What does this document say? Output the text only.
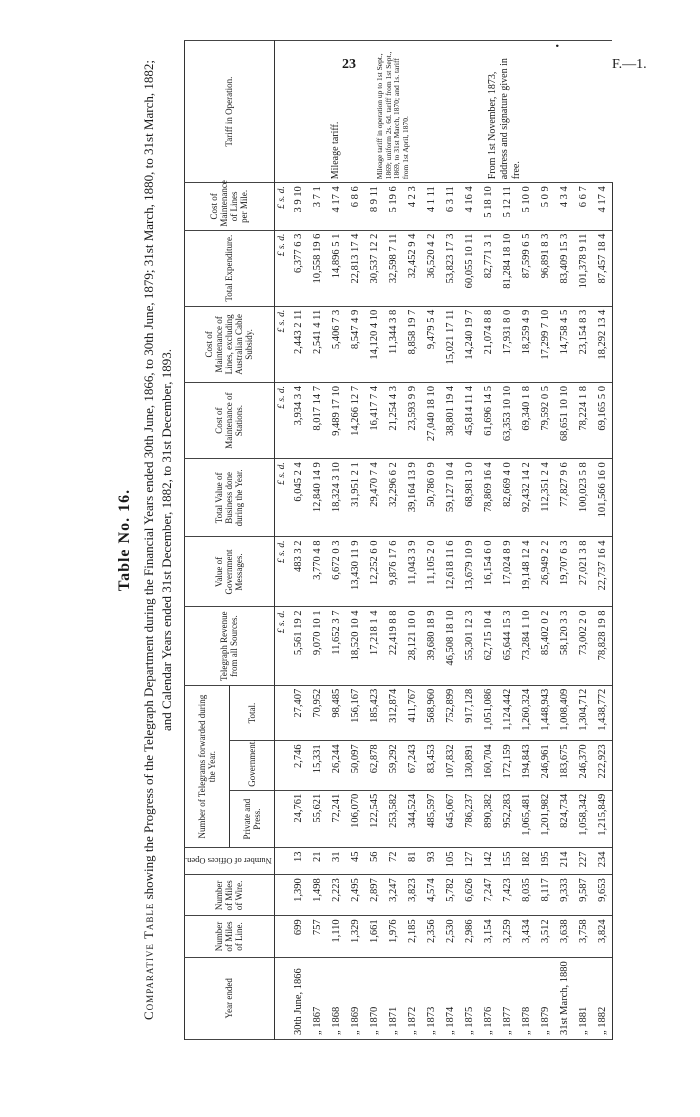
23	F.—1.
Table No. 16.
Comparative Table showing the Progress of the Telegraph Department during the Financial Years ended 30th June, 1866, to 30th June, 1879; 31st March, 1880, to 31st March, 1882; and Calendar Years ended 31st December, 1882, to 31st December, 1893.
Year ended	Number of Miles of Line.	Number of Miles of Wire.	Number of Offices Open.	Number of Telegrams forwarded during the Year.			Telegraph Revenue from all Sources.	Value of Government Messages.	Total Value of Business done during the Year.	Cost of Maintenance of Stations.	Cost of Maintenance of Lines, excluding Australian Cable Subsidy.	Total Expenditure.	Cost of Maintenance of Lines per Mile.	Tariff in Operation.
				Private and Press.	Government.	Total.								
							£ s. d.	£ s. d.	£ s. d.	£ s. d.	£ s. d.	£ s. d.	£ s. d.	
30th June, 1866	699	1,390	13	24,761	2,746	27,407	5,561 19 2	483 3 2	6,045 2 4	3,934 3 4	2,443 2 11	6,377 6 3	3 9 10	
„ 1867	757	1,498	21	55,621	15,331	70,952	9,070 10 1	3,770 4 8	12,840 14 9	8,017 14 7	2,541 4 11	10,558 19 6	3 7 1	Mileage tariff.
„ 1868	1,110	2,223	31	72,241	26,244	98,485	11,652 3 7	6,672 0 3	18,324 3 10	9,489 17 10	5,406 7 3	14,896 5 1	4 17 4	
„ 1869	1,329	2,495	45	106,070	50,097	156,167	18,520 10 4	13,430 11 9	31,951 2 1	14,266 12 7	8,547 4 9	22,813 17 4	6 8 6	
„ 1870	1,661	2,897	56	122,545	62,878	185,423	17,218 1 4	12,252 6 0	29,470 7 4	16,417 7 4	14,120 4 10	30,537 12 2	8 9 11	Mileage tariff in operation up to 1st Sept., 1869; uniform 2s. 6d. tariff from 1st Sept., 1869, to 31st March, 1870; and 1s. tariff from 1st April, 1870.
„ 1871	1,976	3,247	72	253,582	59,292	312,874	22,419 8 8	9,876 17 6	32,296 6 2	21,254 4 3	11,344 3 8	32,598 7 11	5 19 6	
„ 1872	2,185	3,823	81	344,524	67,243	411,767	28,121 10 0	11,043 3 9	39,164 13 9	23,593 9 9	8,858 19 7	32,452 9 4	4 2 3	
„ 1873	2,356	4,574	93	485,597	83,453	568,960	39,680 18 9	11,105 2 0	50,786 0 9	27,040 18 10	9,479 5 4	36,520 4 2	4 1 11	
„ 1874	2,530	5,782	105	645,067	107,832	752,899	46,508 18 10	12,618 11 6	59,127 10 4	38,801 19 4	15,021 17 11	53,823 17 3	6 3 11	From 1st November, 1873, address and signature given in free.
•

„ 1875	2,986	6,626	127	786,237	130,891	917,128	55,301 12 3	13,679 10 9	68,981 3 0	45,814 11 4	14,240 19 7	60,055 10 11	4 16 4	
„ 1876	3,154	7,247	142	890,382	160,704	1,051,086	62,715 10 4	16,154 6 0	78,869 16 4	61,696 14 5	21,074 8 8	82,771 3 1	5 18 10	
„ 1877	3,259	7,423	155	952,283	172,159	1,124,442	65,644 15 3	17,024 8 9	82,669 4 0	63,353 10 10	17,931 8 0	81,284 18 10	5 12 11	
„ 1878	3,434	8,035	182	1,065,481	194,843	1,260,324	73,284 1 10	19,148 12 4	92,432 14 2	69,340 1 8	18,259 4 9	87,599 6 5	5 10 0	
„ 1879	3,512	8,117	195	1,201,982	246,961	1,448,943	85,402 0 2	26,949 2 2	112,351 2 4	79,592 0 5	17,299 7 10	96,891 8 3	5 0 9	
31st March, 1880	3,638	9,333	214	824,734	183,675	1,008,409	58,120 3 3	19,707 6 3	77,827 9 6	68,651 10 10	14,758 4 5	83,409 15 3	4 3 4	
„ 1881	3,758	9,587	227	1,058,342	246,370	1,304,712	73,002 2 0	27,021 3 8	100,023 5 8	78,224 1 8	23,154 8 3	101,378 9 11	6 6 7	
„ 1882	3,824	9,653	234	1,215,849	222,923	1,438,772	78,828 19 8	22,737 16 4	101,566 16 0	69,165 5 0	18,292 13 4	87,457 18 4	4 17 4	
